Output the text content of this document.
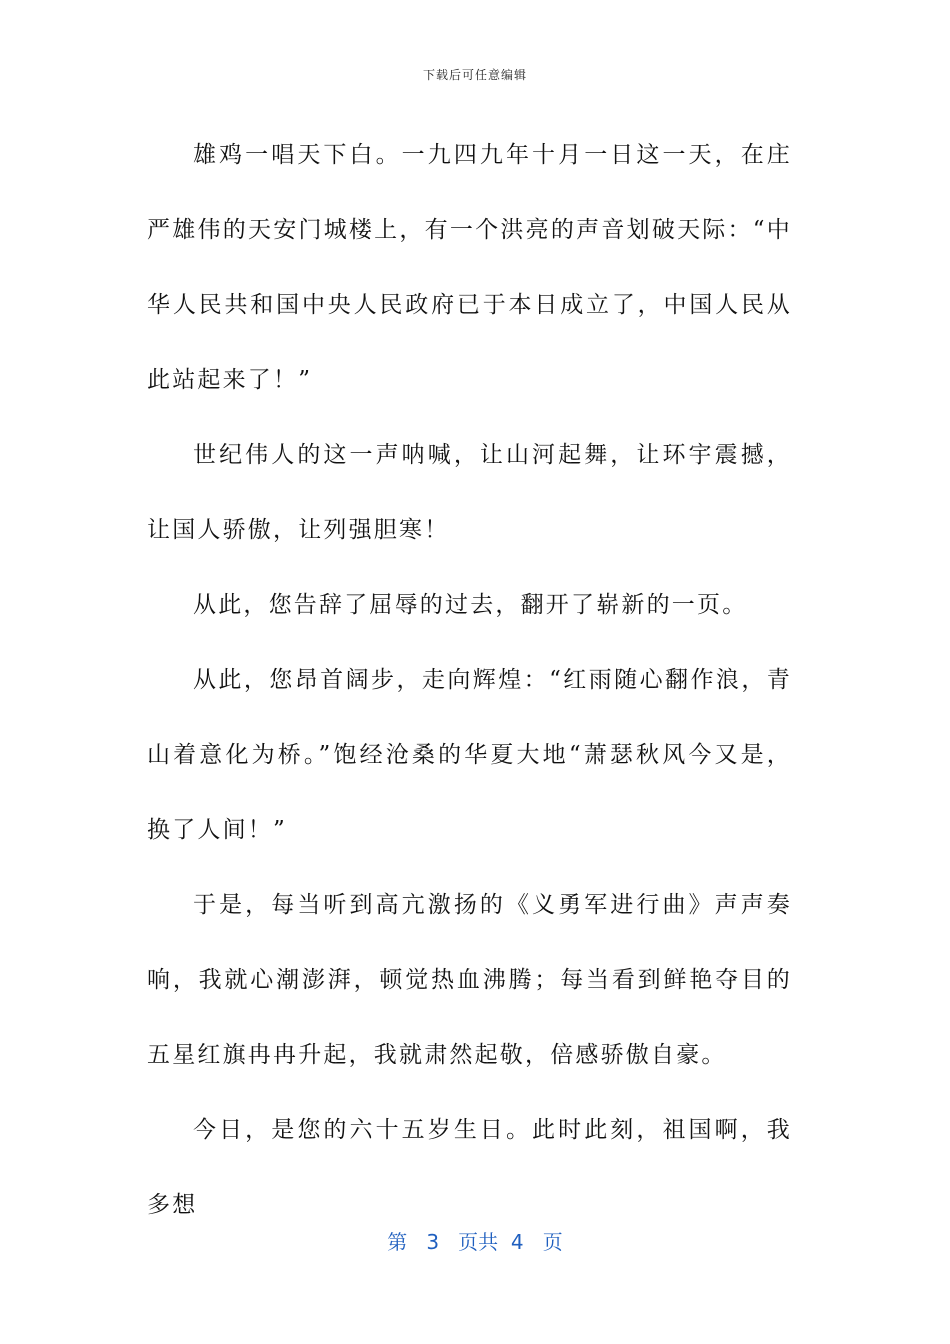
下载后可任意编辑

雄鸡一唱天下白。一九四九年十月一日这一天，在庄严雄伟的天安门城楼上，有一个洪亮的声音划破天际：“中华人民共和国中央人民政府已于本日成立了，中国人民从此站起来了！”

世纪伟人的这一声呐喊，让山河起舞，让环宇震撼，让国人骄傲，让列强胆寒！

从此，您告辞了屈辱的过去，翻开了崭新的一页。

从此，您昂首阔步，走向辉煌：“红雨随心翻作浪，青山着意化为桥。”饱经沧桑的华夏大地“萧瑟秋风今又是，换了人间！”

于是，每当听到高亢激扬的《义勇军进行曲》声声奏响，我就心潮澎湃，顿觉热血沸腾；每当看到鲜艳夺目的五星红旗冉冉升起，我就肃然起敬，倍感骄傲自豪。

今日，是您的六十五岁生日。此时此刻，祖国啊，我多想

第 3 页共 4 页
